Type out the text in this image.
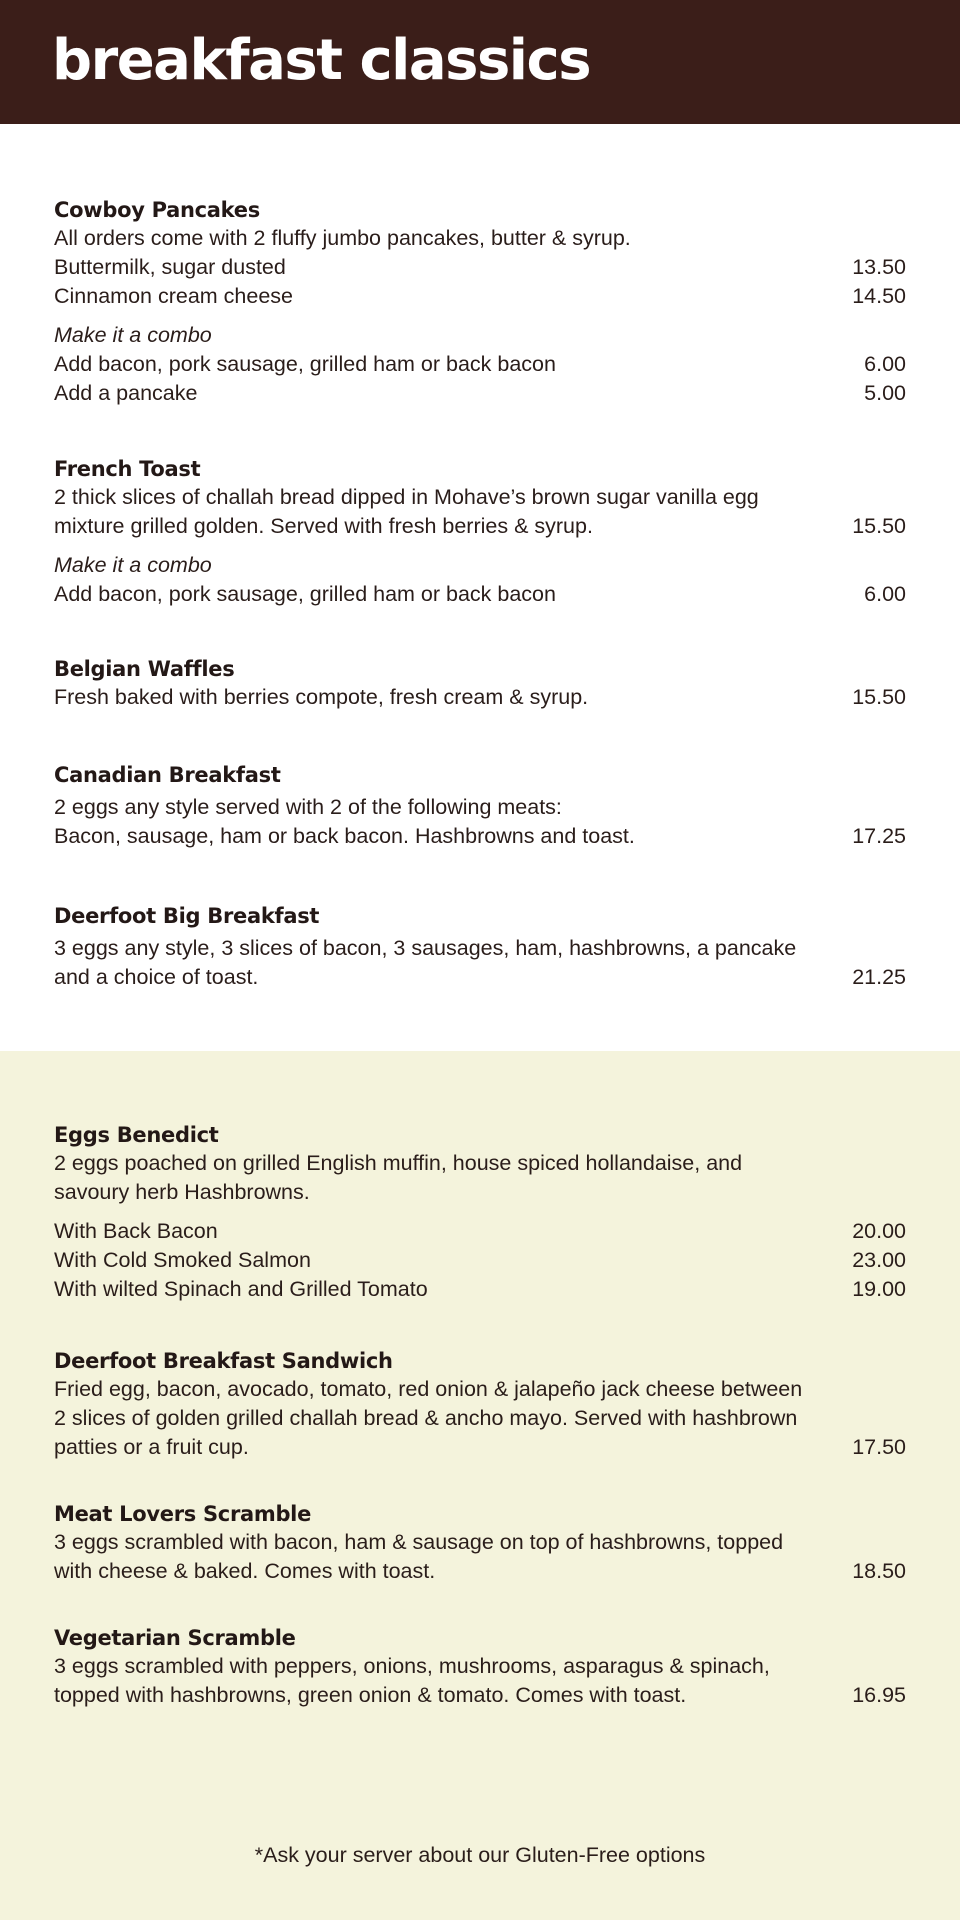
breakfast classics
Cowboy Pancakes
All orders come with 2 fluffy jumbo pancakes, butter & syrup.
Buttermilk, sugar dusted	13.50
Cinnamon cream cheese	14.50
Make it a combo
Add bacon, pork sausage, grilled ham or back bacon	6.00
Add a pancake	5.00
French Toast
2 thick slices of challah bread dipped in Mohave’s brown sugar vanilla egg mixture grilled golden. Served with fresh berries & syrup.	15.50
Make it a combo
Add bacon, pork sausage, grilled ham or back bacon	6.00
Belgian Waffles
Fresh baked with berries compote, fresh cream & syrup.	15.50
Canadian Breakfast
2 eggs any style served with 2 of the following meats:
Bacon, sausage, ham or back bacon. Hashbrowns and toast.	17.25
Deerfoot Big Breakfast
3 eggs any style, 3 slices of bacon, 3 sausages, ham, hashbrowns, a pancake and a choice of toast.	21.25
Eggs Benedict
2 eggs poached on grilled English muffin, house spiced hollandaise, and savoury herb Hashbrowns.
With Back Bacon	20.00
With Cold Smoked Salmon	23.00
With wilted Spinach and Grilled Tomato	19.00
Deerfoot Breakfast Sandwich
Fried egg, bacon, avocado, tomato, red onion & jalapeño jack cheese between 2 slices of golden grilled challah bread & ancho mayo. Served with hashbrown patties or a fruit cup.	17.50
Meat Lovers Scramble
3 eggs scrambled with bacon, ham & sausage on top of hashbrowns, topped with cheese & baked. Comes with toast.	18.50
Vegetarian Scramble
3 eggs scrambled with peppers, onions, mushrooms, asparagus & spinach, topped with hashbrowns, green onion & tomato. Comes with toast.	16.95
*Ask your server about our Gluten-Free options
